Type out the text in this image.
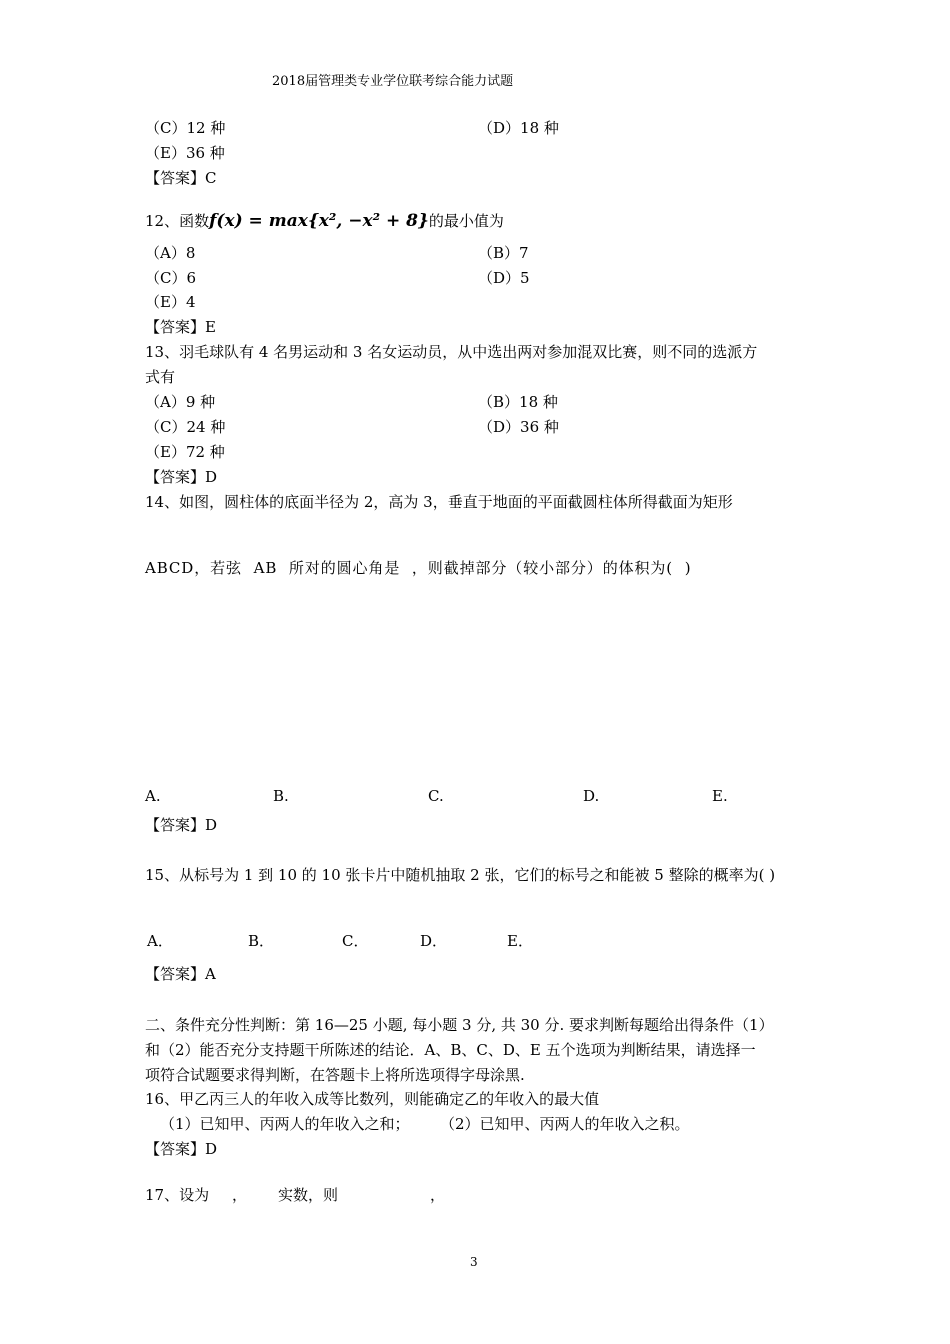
2018届管理类专业学位联考综合能力试题
（C）12 种	（D）18 种
（E）36 种
【答案】C
12、函数f(x) = max{x², −x² + 8}的最小值为
（A）8	（B）7
（C）6	（D）5
（E）4
【答案】E
13、羽毛球队有 4 名男运动和 3 名女运动员，从中选出两对参加混双比赛，则不同的选派方
式有
（A）9 种	（B）18 种
（C）24 种	（D）36 种
（E）72 种
【答案】D
14、如图，圆柱体的底面半径为 2，高为 3，垂直于地面的平面截圆柱体所得截面为矩形
ABCD，若弦 AB 所对的圆心角是 ，则截掉部分（较小部分）的体积为( )
A.	B.	C.	D.	E.
【答案】D
15、从标号为 1 到 10 的 10 张卡片中随机抽取 2 张，它们的标号之和能被 5 整除的概率为( )
A．	B．	C．	D．	E．
【答案】A
二、条件充分性判断：第 16—25 小题, 每小题 3 分, 共 30 分. 要求判断每题给出得条件（1）
和（2）能否充分支持题干所陈述的结论．A、B、C、D、E 五个选项为判断结果，请选择一
项符合试题要求得判断，在答题卡上将所选项得字母涂黑.
16、甲乙丙三人的年收入成等比数列，则能确定乙的年收入的最大值
（1）已知甲、丙两人的年收入之和； （2）已知甲、丙两人的年收入之积。
【答案】D
17、设为 ， 实数，则	，
3
